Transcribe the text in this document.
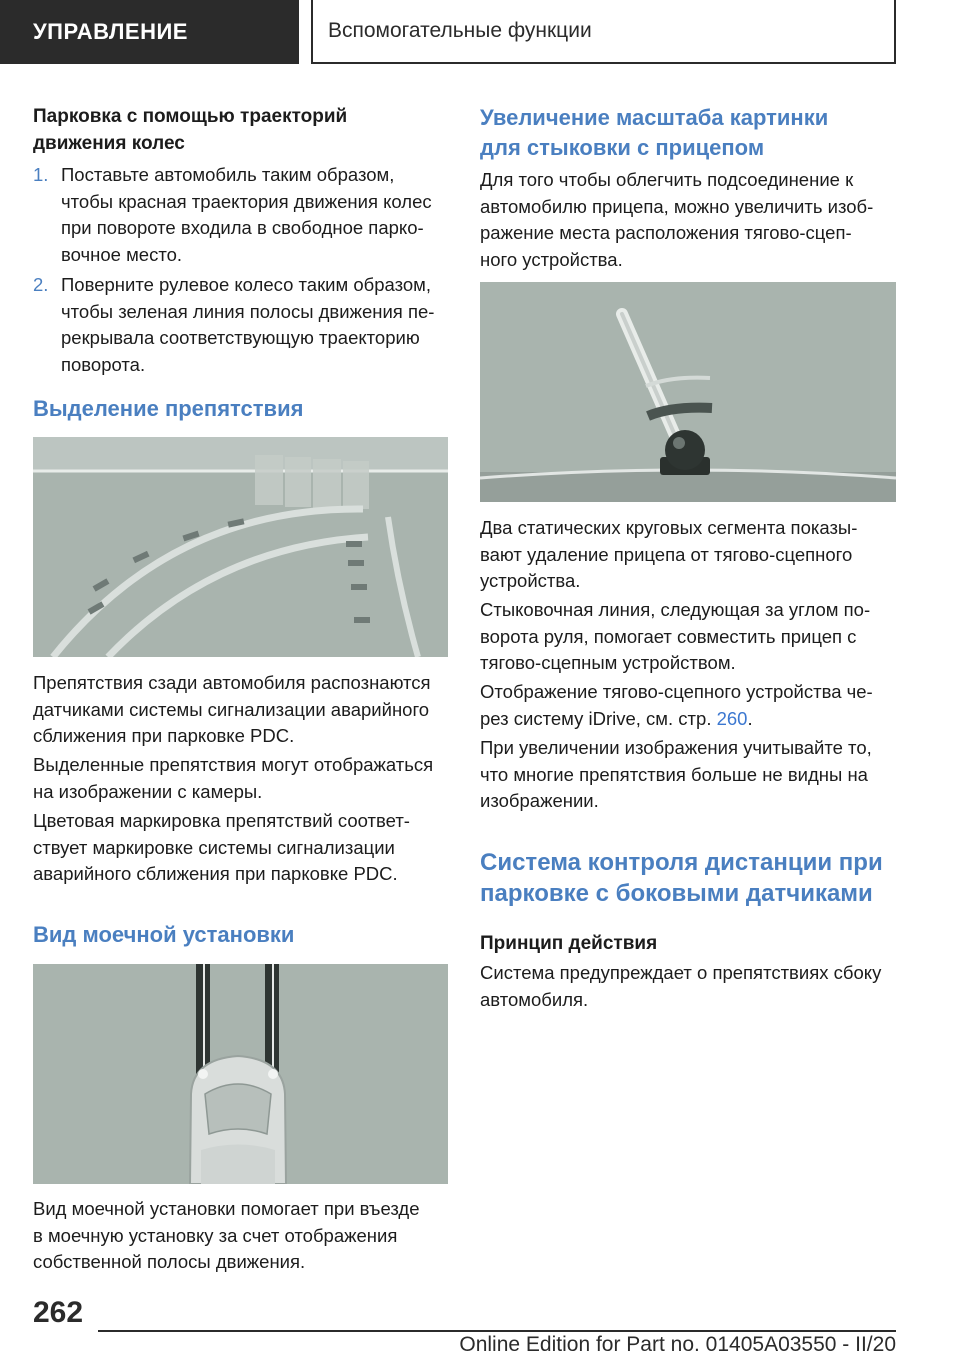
УПРАВЛЕНИЕ	Вспомогательные функции
Парковка с помощью траекторий
движения колес
1. Поставьте автомобиль таким образом,
чтобы красная траектория движения колес
при повороте входила в свободное парко-
вочное место.
2. Поверните рулевое колесо таким образом,
чтобы зеленая линия полосы движения пе-
рекрывала соответствующую траекторию
поворота.
Выделение препятствия

Препятствия сзади автомобиля распознаются

датчиками системы сигнализации аварийного

сближения при парковке PDC.

Выделенные препятствия могут отображаться

на изображении с камеры.

Цветовая маркировка препятствий соответ-

ствует маркировке системы сигнализации

аварийного сближения при парковке PDC.

Вид моечной установки

Вид моечной установки помогает при въезде

в моечную установку за счет отображения

собственной полосы движения.

Увеличение масштаба картинки
для стыковки с прицепом

Для того чтобы облегчить подсоединение к

автомобилю прицепа, можно увеличить изоб-

ражение места расположения тягово-сцеп-

ного устройства.

Два статических круговых сегмента показы-

вают удаление прицепа от тягово-сцепного

устройства.

Стыковочная линия, следующая за углом по-

ворота руля, помогает совместить прицеп с

тягово-сцепным устройством.

Отображение тягово-сцепного устройства че-

рез систему iDrive, см. стр. 260.

При увеличении изображения учитывайте то,

что многие препятствия больше не видны на

изображении.

Система контроля дистанции при
парковке с боковыми датчиками
Принцип действия

Система предупреждает о препятствиях сбоку

автомобиля.

262
Online Edition for Part no. 01405A03550 - II/20
